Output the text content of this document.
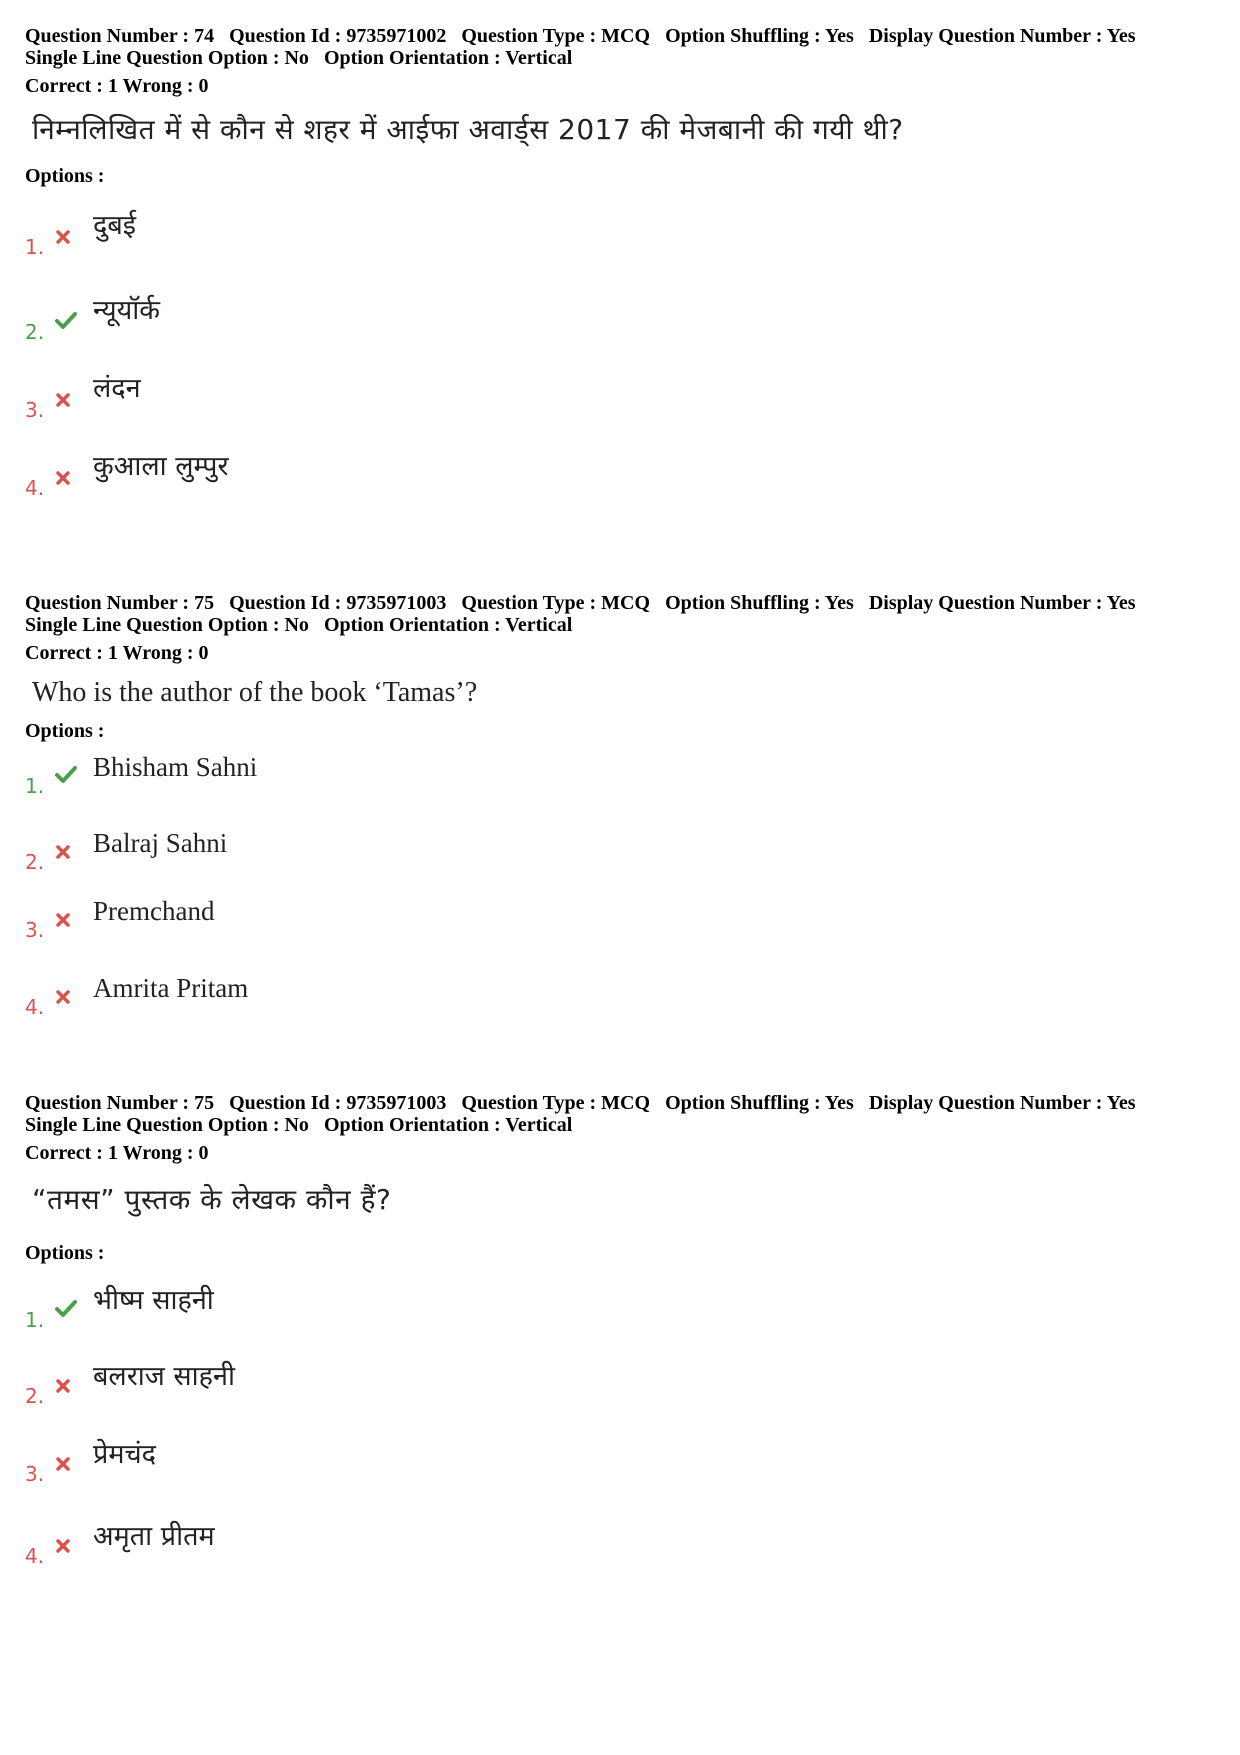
Question Number : 74 Question Id : 9735971002 Question Type : MCQ Option Shuffling : Yes Display Question Number : Yes
Single Line Question Option : No Option Orientation : Vertical
Correct : 1 Wrong : 0
निम्नलिखित में से कौन से शहर में आईफा अवार्ड्स 2017 की मेजबानी की गयी थी?
Options :
1.
दुबई
2.
न्यूयॉर्क
3.
लंदन
4.
कुआला लुम्पुर
Question Number : 75 Question Id : 9735971003 Question Type : MCQ Option Shuffling : Yes Display Question Number : Yes
Single Line Question Option : No Option Orientation : Vertical
Correct : 1 Wrong : 0
Who is the author of the book ‘Tamas’?
Options :
1.
Bhisham Sahni
2.
Balraj Sahni
3.
Premchand
4.
Amrita Pritam
Question Number : 75 Question Id : 9735971003 Question Type : MCQ Option Shuffling : Yes Display Question Number : Yes
Single Line Question Option : No Option Orientation : Vertical
Correct : 1 Wrong : 0
“तमस” पुस्तक के लेखक कौन हैं?
Options :
1.
भीष्म साहनी
2.
बलराज साहनी
3.
प्रेमचंद
4.
अमृता प्रीतम
